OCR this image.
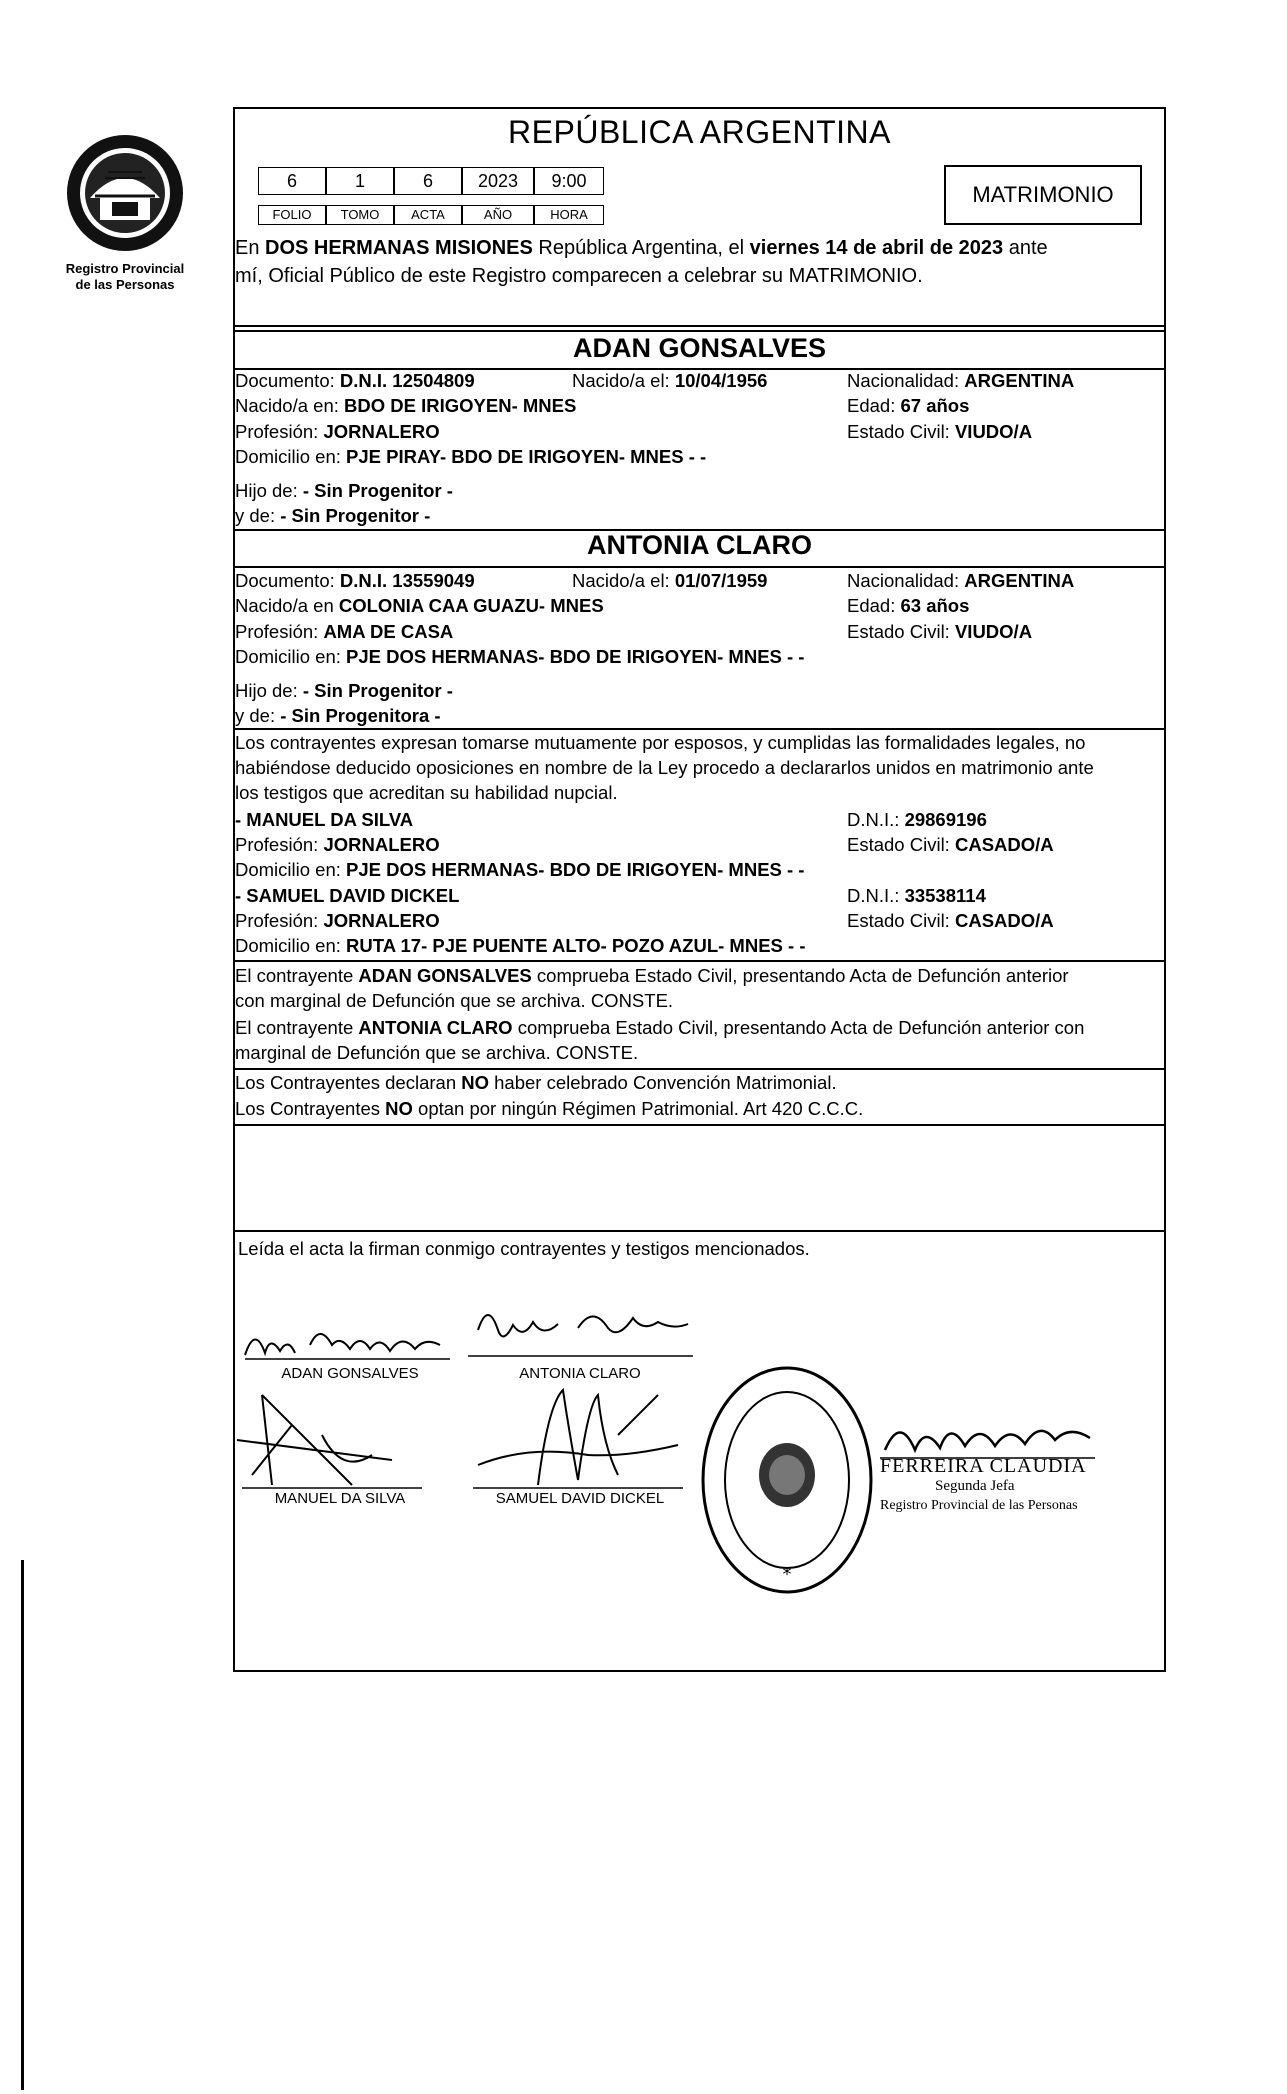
Registro Provincial
de las Personas
REPÚBLICA ARGENTINA
6	1	6	2023	9:00
FOLIO	TOMO	ACTA	AÑO	HORA
MATRIMONIO
En DOS HERMANAS MISIONES República Argentina, el viernes 14 de abril de 2023 ante
mí, Oficial Público de este Registro comparecen a celebrar su MATRIMONIO.
ADAN GONSALVES
Documento: D.N.I. 12504809	Nacido/a el: 10/04/1956	Nacionalidad: ARGENTINA
Nacido/a en: BDO DE IRIGOYEN- MNES	Edad: 67 años
Profesión: JORNALERO	Estado Civil: VIUDO/A
Domicilio en: PJE PIRAY- BDO DE IRIGOYEN- MNES - -
Hijo de: - Sin Progenitor -
y de: - Sin Progenitor -
ANTONIA CLARO
Documento: D.N.I. 13559049	Nacido/a el: 01/07/1959	Nacionalidad: ARGENTINA
Nacido/a en COLONIA CAA GUAZU- MNES	Edad: 63 años
Profesión: AMA DE CASA	Estado Civil: VIUDO/A
Domicilio en: PJE DOS HERMANAS- BDO DE IRIGOYEN- MNES - -
Hijo de: - Sin Progenitor -
y de: - Sin Progenitora -
Los contrayentes expresan tomarse mutuamente por esposos, y cumplidas las formalidades legales, no
habiéndose deducido oposiciones en nombre de la Ley procedo a declararlos unidos en matrimonio ante
los testigos que acreditan su habilidad nupcial.
- MANUEL DA SILVA	D.N.I.: 29869196
Profesión: JORNALERO	Estado Civil: CASADO/A
Domicilio en: PJE DOS HERMANAS- BDO DE IRIGOYEN- MNES - -
- SAMUEL DAVID DICKEL	D.N.I.: 33538114
Profesión: JORNALERO	Estado Civil: CASADO/A
Domicilio en: RUTA 17- PJE PUENTE ALTO- POZO AZUL- MNES - -
El contrayente ADAN GONSALVES comprueba Estado Civil, presentando Acta de Defunción anterior
con marginal de Defunción que se archiva. CONSTE.
El contrayente ANTONIA CLARO comprueba Estado Civil, presentando Acta de Defunción anterior con
marginal de Defunción que se archiva. CONSTE.
Los Contrayentes declaran NO haber celebrado Convención Matrimonial.
Los Contrayentes NO optan por ningún Régimen Patrimonial. Art 420 C.C.C.
Leída el acta la firman conmigo contrayentes y testigos mencionados.
ADAN GONSALVES	ANTONIA CLARO
MANUEL DA SILVA	SAMUEL DAVID DICKEL
*
FERREIRA CLAUDIA
Segunda Jefa
Registro Provincial de las Personas
